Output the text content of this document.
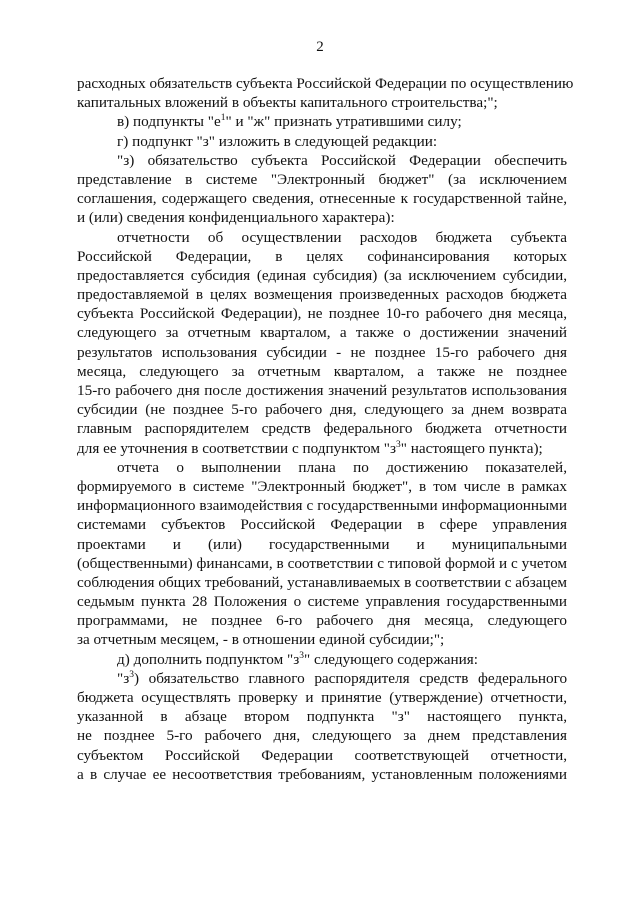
2
расходных обязательств субъекта Российской Федерации по осуществлению
капитальных вложений в объекты капитального строительства;";
в) подпункты "$е^1$" и "ж" признать утратившими силу;
г) подпункт "з" изложить в следующей редакции:
"з) обязательство субъекта Российской Федерации обеспечить
представление в системе "Электронный бюджет" (за исключением
соглашения, содержащего сведения, отнесенные к государственной тайне,
и (или) сведения конфиденциального характера):
отчетности об осуществлении расходов бюджета субъекта
Российской Федерации, в целях софинансирования которых
предоставляется субсидия (единая субсидия) (за исключением субсидии,
предоставляемой в целях возмещения произведенных расходов бюджета
субъекта Российской Федерации), не позднее 10-го рабочего дня месяца,
следующего за отчетным кварталом, а также о достижении значений
результатов использования субсидии - не позднее 15-го рабочего дня
месяца, следующего за отчетным кварталом, а также не позднее
15-го рабочего дня после достижения значений результатов использования
субсидии (не позднее 5-го рабочего дня, следующего за днем возврата
главным распорядителем средств федерального бюджета отчетности
для ее уточнения в соответствии с подпунктом "$з^3$" настоящего пункта);
отчета о выполнении плана по достижению показателей,
формируемого в системе "Электронный бюджет", в том числе в рамках
информационного взаимодействия с государственными информационными
системами субъектов Российской Федерации в сфере управления
проектами и (или) государственными и муниципальными
(общественными) финансами, в соответствии с типовой формой и с учетом
соблюдения общих требований, устанавливаемых в соответствии с абзацем
седьмым пункта 28 Положения о системе управления государственными
программами, не позднее 6-го рабочего дня месяца, следующего
за отчетным месяцем, - в отношении единой субсидии;";
д) дополнить подпунктом "$з^3$" следующего содержания:
"$з^3$) обязательство главного распорядителя средств федерального
бюджета осуществлять проверку и принятие (утверждение) отчетности,
указанной в абзаце втором подпункта "з" настоящего пункта,
не позднее 5-го рабочего дня, следующего за днем представления
субъектом Российской Федерации соответствующей отчетности,
а в случае ее несоответствия требованиям, установленным положениями
